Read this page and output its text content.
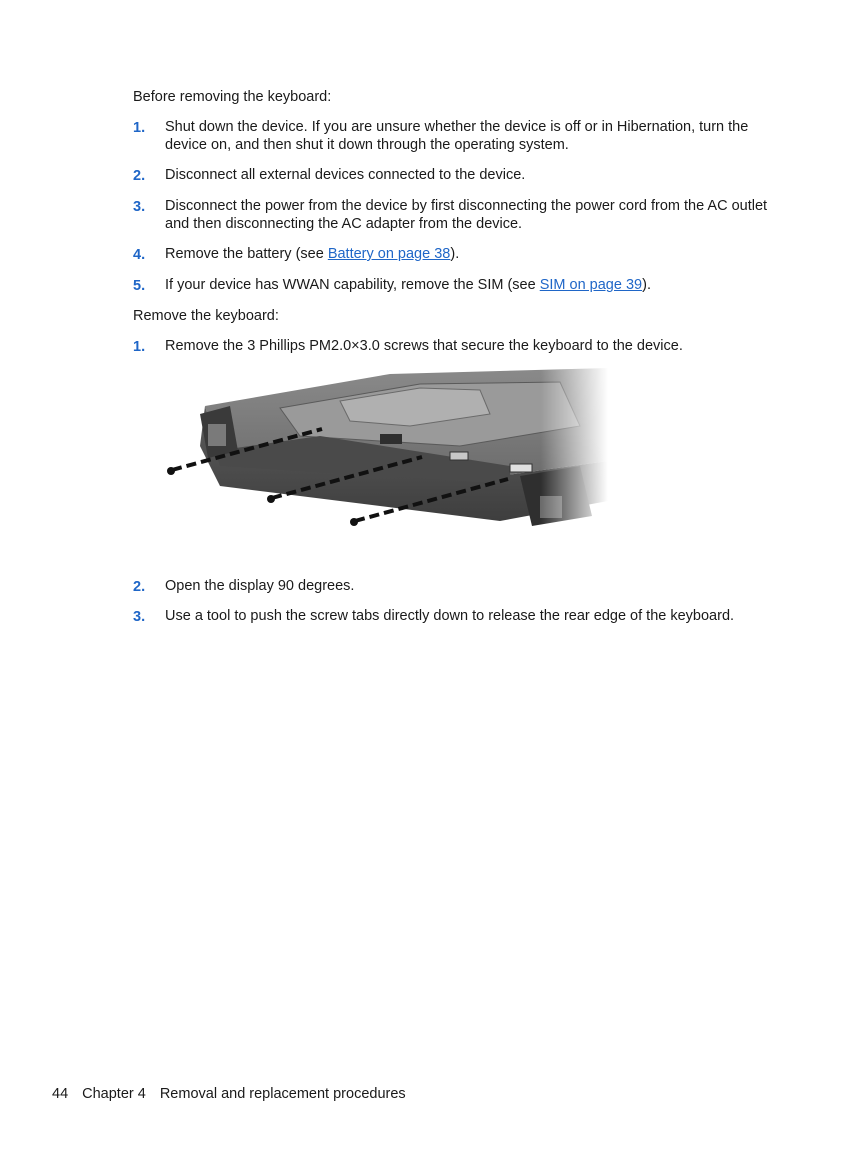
Before removing the keyboard:
1. Shut down the device. If you are unsure whether the device is off or in Hibernation, turn the device on, and then shut it down through the operating system.
2. Disconnect all external devices connected to the device.
3. Disconnect the power from the device by first disconnecting the power cord from the AC outlet and then disconnecting the AC adapter from the device.
4. Remove the battery (see Battery on page 38).
5. If your device has WWAN capability, remove the SIM (see SIM on page 39).
Remove the keyboard:
1. Remove the 3 Phillips PM2.0×3.0 screws that secure the keyboard to the device.
2. Open the display 90 degrees.
3. Use a tool to push the screw tabs directly down to release the rear edge of the keyboard.
44 Chapter 4 Removal and replacement procedures
